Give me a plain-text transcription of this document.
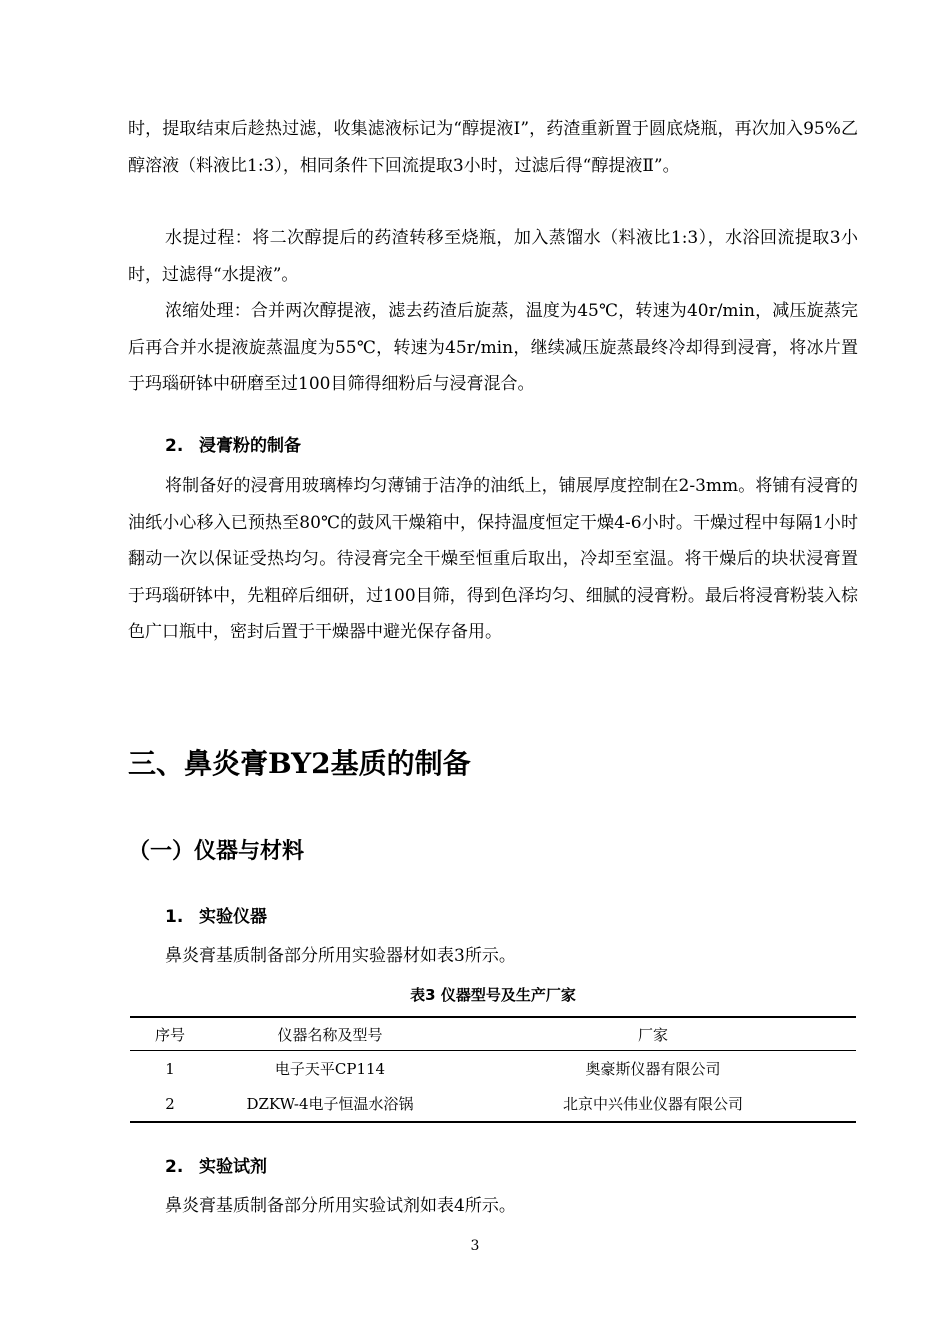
时，提取结束后趁热过滤，收集滤液标记为“醇提液Ⅰ”，药渣重新置于圆底烧瓶，再次加入95%乙醇溶液（料液比1:3），相同条件下回流提取3小时，过滤后得“醇提液Ⅱ”。

水提过程：将二次醇提后的药渣转移至烧瓶，加入蒸馏水（料液比1:3），水浴回流提取3小时，过滤得“水提液”。

浓缩处理：合并两次醇提液，滤去药渣后旋蒸，温度为45℃，转速为40r/min，减压旋蒸完后再合并水提液旋蒸温度为55℃，转速为45r/min，继续减压旋蒸最终冷却得到浸膏，将冰片置于玛瑙研钵中研磨至过100目筛得细粉后与浸膏混合。

2. 浸膏粉的制备

将制备好的浸膏用玻璃棒均匀薄铺于洁净的油纸上，铺展厚度控制在2-3mm。将铺有浸膏的油纸小心移入已预热至80℃的鼓风干燥箱中，保持温度恒定干燥4-6小时。干燥过程中每隔1小时翻动一次以保证受热均匀。待浸膏完全干燥至恒重后取出，冷却至室温。将干燥后的块状浸膏置于玛瑙研钵中，先粗碎后细研，过100目筛，得到色泽均匀、细腻的浸膏粉。最后将浸膏粉装入棕色广口瓶中，密封后置于干燥器中避光保存备用。

三、鼻炎膏BY2基质的制备

（一）仪器与材料

1. 实验仪器

鼻炎膏基质制备部分所用实验器材如表3所示。

表3 仪器型号及生产厂家

序号	仪器名称及型号	厂家
1	电子天平CP114	奥豪斯仪器有限公司
2	DZKW-4电子恒温水浴锅	北京中兴伟业仪器有限公司

2. 实验试剂

鼻炎膏基质制备部分所用实验试剂如表4所示。

3
